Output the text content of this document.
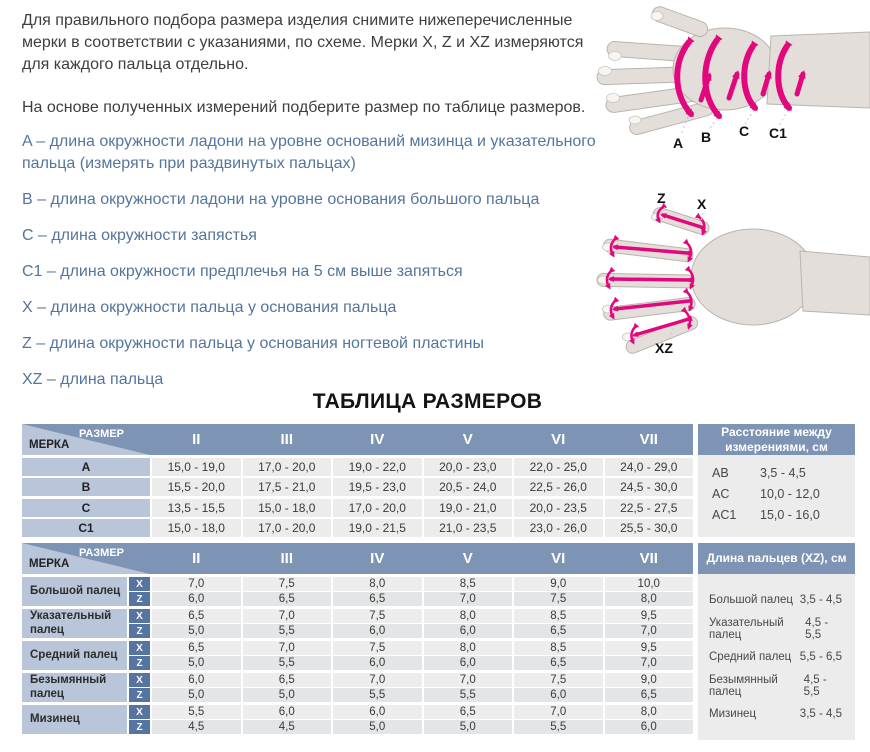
Для правильного подбора размера изделия снимите нижеперечисленные мерки в соответствии с указаниями, по схеме. Мерки X, Z и XZ измеряются для каждого пальца отдельно.

На основе полученных измерений подберите размер по таблице размеров.

A – длина окружности ладони на уровне оснований мизинца и указательного пальца (измерять при раздвинутых пальцах)
B – длина окружности ладони на уровне основания большого пальца
C – длина окружности запястья
C1 – длина окружности предплечья на 5 см выше запяться
X – длина окружности пальца у основания пальца
Z – длина окружности пальца у основания ногтевой пластины
XZ – длина пальца
A B C C1
Z X
XZ
ТАБЛИЦА РАЗМЕРОВ
РАЗМЕР
МЕРКА	II	III	IV	V	VI	VII
A	15,0 - 19,0	17,0 - 20,0	19,0 - 22,0	20,0 - 23,0	22,0 - 25,0	24,0 - 29,0
B	15,5 - 20,0	17,5 - 21,0	19,5 - 23,0	20,5 - 24,0	22,5 - 26,0	24,5 - 30,0
C	13,5 - 15,5	15,0 - 18,0	17,0 - 20,0	19,0 - 21,0	20,0 - 23,5	22,5 - 27,5
C1	15,0 - 18,0	17,0 - 20,0	19,0 - 21,5	21,0 - 23,5	23,0 - 26,0	25,5 - 30,0
Расстояние между измерениями, см
AB	3,5 - 4,5
AC	10,0 - 12,0
AC1	15,0 - 16,0
РАЗМЕР
МЕРКА	II	III	IV	V	VI	VII
Большой палец
X	7,0	7,5	8,0	8,5	9,0	10,0
Z	6,0	6,5	6,5	7,0	7,5	8,0
Указательный палец
X	6,5	7,0	7,5	8,0	8,5	9,5
Z	5,0	5,5	6,0	6,0	6,5	7,0
Средний палец
X	6,5	7,0	7,5	8,0	8,5	9,5
Z	5,0	5,5	6,0	6,0	6,5	7,0
Безымянный палец
X	6,0	6,5	7,0	7,0	7,5	9,0
Z	5,0	5,0	5,5	5,5	6,0	6,5
Мизинец
X	5,5	6,0	6,0	6,5	7,0	8,0
Z	4,5	4,5	5,0	5,0	5,5	6,0
Длина пальцев (XZ), см
Большой палец 3,5 - 4,5
Указательный палец
4,5 - 5,5
Средний палец 5,5 - 6,5
Безымянный палец
4,5 - 5,5
Мизинец	3,5 - 4,5
